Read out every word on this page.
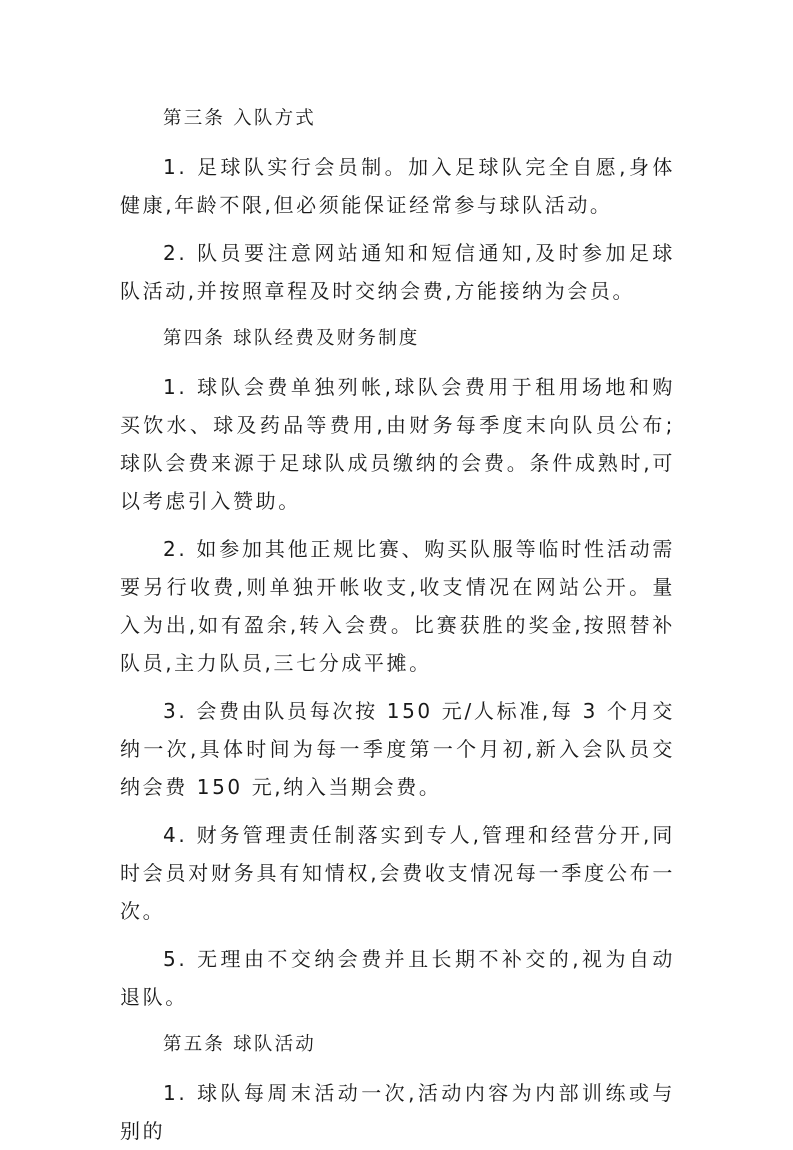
第三条 入队方式

1. 足球队实行会员制。加入足球队完全自愿,身体健康,年龄不限,但必须能保证经常参与球队活动。

2. 队员要注意网站通知和短信通知,及时参加足球队活动,并按照章程及时交纳会费,方能接纳为会员。

第四条 球队经费及财务制度

1. 球队会费单独列帐,球队会费用于租用场地和购买饮水、球及药品等费用,由财务每季度末向队员公布;球队会费来源于足球队成员缴纳的会费。条件成熟时,可以考虑引入赞助。

2. 如参加其他正规比赛、购买队服等临时性活动需要另行收费,则单独开帐收支,收支情况在网站公开。量入为出,如有盈余,转入会费。比赛获胜的奖金,按照替补队员,主力队员,三七分成平摊。

3. 会费由队员每次按 150 元/人标准,每 3 个月交纳一次,具体时间为每一季度第一个月初,新入会队员交纳会费 150 元,纳入当期会费。

4. 财务管理责任制落实到专人,管理和经营分开,同时会员对财务具有知情权,会费收支情况每一季度公布一次。

5. 无理由不交纳会费并且长期不补交的,视为自动退队。

第五条 球队活动

1. 球队每周末活动一次,活动内容为内部训练或与别的
